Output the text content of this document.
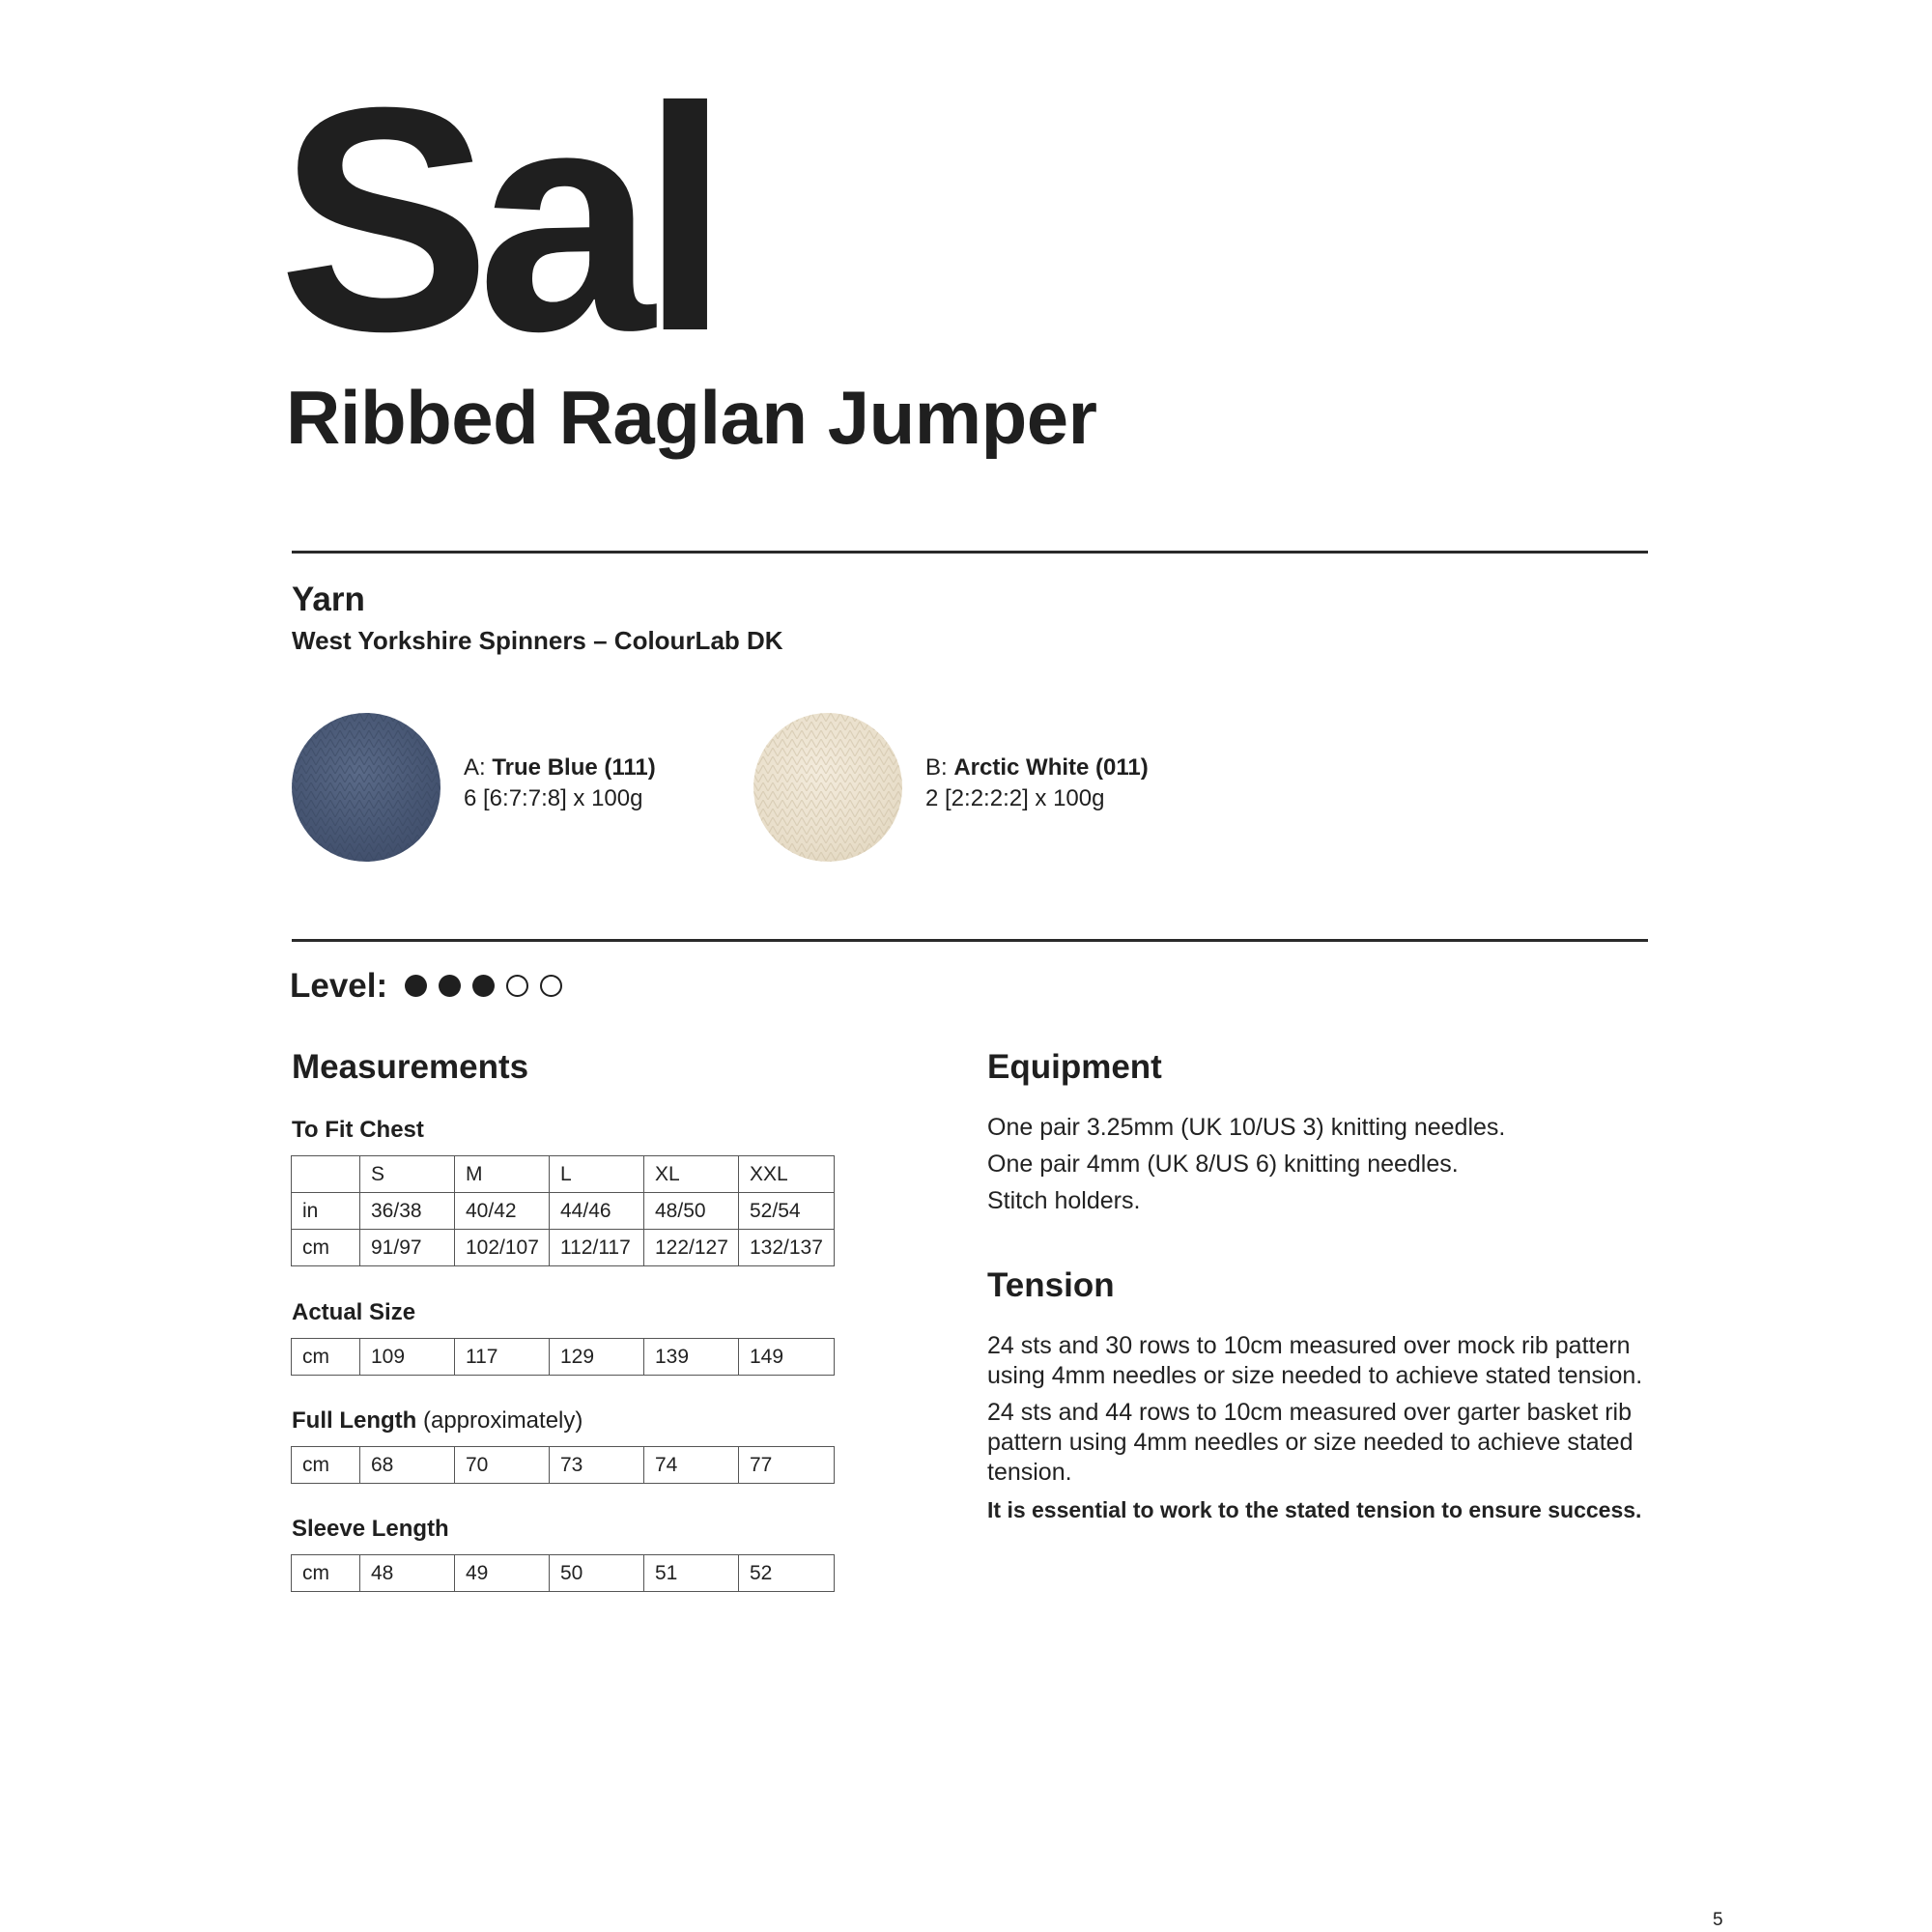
Sal
Ribbed Raglan Jumper
Yarn
West Yorkshire Spinners – ColourLab DK
A: True Blue (111)
6 [6:7:7:8] x 100g
B: Arctic White (011)
2 [2:2:2:2] x 100g
Level:
Measurements
To Fit Chest
	S	M	L	XL	XXL
in	36/38	40/42	44/46	48/50	52/54
cm	91/97	102/107	112/117	122/127	132/137
Actual Size
cm	109	117	129	139	149
Full Length (approximately)
cm	68	70	73	74	77
Sleeve Length
cm	48	49	50	51	52
Equipment

One pair 3.25mm (UK 10/US 3) knitting needles.

One pair 4mm (UK 8/US 6) knitting needles.

Stitch holders.

Tension

24 sts and 30 rows to 10cm measured over mock rib pattern using 4mm needles or size needed to achieve stated tension.

24 sts and 44 rows to 10cm measured over garter basket rib pattern using 4mm needles or size needed to achieve stated tension.

It is essential to work to the stated tension to ensure success.
5
